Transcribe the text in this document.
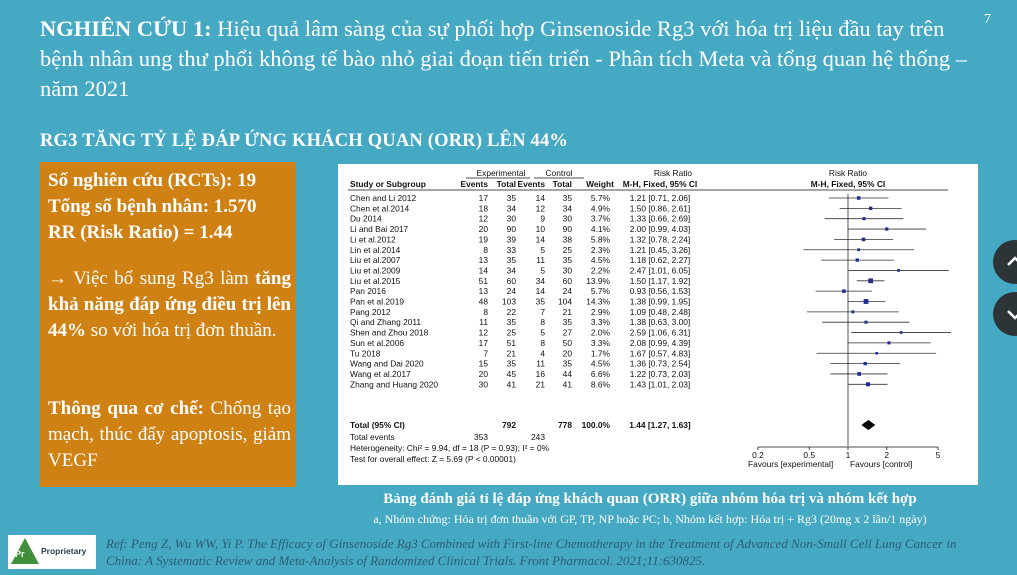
NGHIÊN CỨU 1: Hiệu quả lâm sàng của sự phối hợp Ginsenoside Rg3 với hóa trị liệu đầu tay trên bệnh nhân ung thư phổi không tế bào nhỏ giai đoạn tiến triển - Phân tích Meta và tổng quan hệ thống – năm 2021
7
RG3 TĂNG TỶ LỆ ĐÁP ỨNG KHÁCH QUAN (ORR) LÊN 44%
Số nghiên cứu (RCTs): 19
Tổng số bệnh nhân: 1.570
RR (Risk Ratio) = 1.44
→ Việc bổ sung Rg3 làm tăng khả năng đáp ứng điều trị lên 44% so với hóa trị đơn thuần.
Thông qua cơ chế: Chống tạo mạch, thúc đẩy apoptosis, giảm VEGF
Experimental Control	Risk Ratio	Risk Ratio
Study or Subgroup	Events Total Events Total Weight M-H, Fixed, 95% CI	M-H, Fixed, 95% CI
Chen and Li 2012	17 35 14 35 5.7% 1.21 [0.71, 2.06]
Chen et al.2014	18 34 12 34 4.9% 1.50 [0.86, 2.61]
Du 2014	12 30	9 30 3.7% 1.33 [0.66, 2.69]
Li and Bai 2017	20 90 10 90 4.1% 2.00 [0.99, 4.03]
Li et al.2012	19 39 14 38 5.8% 1.32 [0.78, 2.24]
Lin et al.2014	8 33	5 25 2.3% 1.21 [0.45, 3.26]
Liu et al.2007	13 35 11 35 4.5% 1.18 [0.62, 2.27]
Liu et al.2009	14 34	5 30 2.2% 2.47 [1.01, 6.05]
Liu et al.2015	51 60 34 60 13.9% 1.50 [1.17, 1.92]
Pan 2016	13 24 14 24 5.7% 0.93 [0.56, 1.53]
Pan et al.2019	48 103 35 104 14.3% 1.38 [0.99, 1.95]
Pang 2012	8 22	7 21 2.9% 1.09 [0.48, 2.48]
Qi and Zhang 2011	11 35	8 35 3.3% 1.38 [0.63, 3.00]
Shen and Zhou 2018	12 25	5 27 2.0% 2.59 [1.06, 6.31]
Sun et al.2006	17 51	8 50 3.3% 2.08 [0.99, 4.39]
Tu 2018	7 21	4 20 1.7% 1.67 [0.57, 4.83]
Wang and Dai 2020	15 35 11 35 4.5% 1.36 [0.73, 2.54]
Wang et al.2017	20 45 16 44 6.6% 1.22 [0.73, 2.03]
Zhang and Huang 2020	30 41 21 41 8.6% 1.43 [1.01, 2.03]
Total (95% CI)	792	778 100.0% 1.44 [1.27, 1.63]
Total events	353	243
Heterogeneity: Chi² = 9.94, df = 18 (P = 0.93); I² = 0%
Test for overall effect: Z = 5.69 (P < 0.00001)	0.2	0.5	1	2	5
Favours [experimental] Favours [control]
Bảng đánh giá tỉ lệ đáp ứng khách quan (ORR) giữa nhóm hóa trị và nhóm kết hợp
a, Nhóm chứng: Hóa trị đơn thuần với GP, TP, NP hoặc PC; b, Nhóm kết hợp: Hóa trị + Rg3 (20mg x 2 lần/1 ngày)
Pr Proprietary Ref: Peng Z, Wu WW, Yi P. The Efficacy of Ginsenoside Rg3 Combined with First-line Chemotherapy in the Treatment of Advanced Non-Small Cell Lung Cancer in China: A Systematic Review and Meta-Analysis of Randomized Clinical Trials. Front Pharmacol. 2021;11:630825.
